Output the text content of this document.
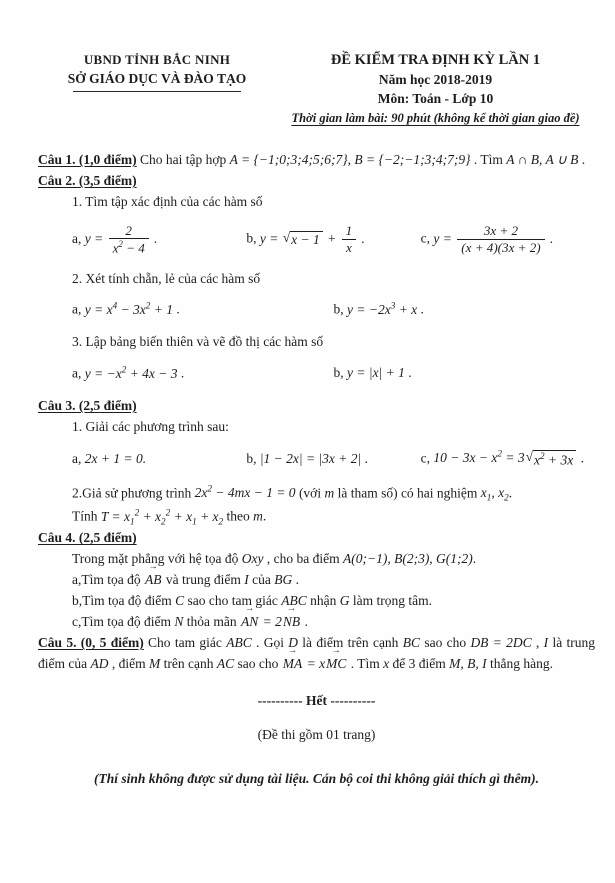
UBND TỈNH BẮC NINH
SỞ GIÁO DỤC VÀ ĐÀO TẠO
ĐỀ KIỂM TRA ĐỊNH KỲ LẦN 1
Năm học 2018-2019
Môn: Toán - Lớp 10
Thời gian làm bài: 90 phút (không kể thời gian giao đề)

Câu 1. (1,0 điểm) Cho hai tập hợp A = {−1;0;3;4;5;6;7}, B = {−2;−1;3;4;7;9} . Tìm A ∩ B, A ∪ B .

Câu 2. (3,5 điểm)

1. Tìm tập xác định của các hàm số

a, $y = \frac{2}{x^2 - 4}$ .	b, y = √ $x - 1 + \frac{1}{x}$ .	c, $y = \frac{3x + 2}{(x + 4)(3x + 2)}$ .

2. Xét tính chẵn, lẻ của các hàm số

a, $y = x^4 - 3x^2 + 1$ .	b, $y = -2x^3 + x$ .

3. Lập bảng biến thiên và vẽ đồ thị các hàm số

a, $y = -x^2 + 4x - 3$ .	b, y = |x| + 1 .

Câu 3. (2,5 điểm)

1. Giải các phương trình sau:

a, 2x + 1 = 0.	b, |1 − 2x| = |3x + 2| .	c, $10 - 3x - x^2 = 3$ √ $x^2 + 3x$ .

2.Giả sử phương trình $2x^2 - 4mx - 1 = 0$ (với m là tham số) có hai nghiệm $x_1$, $x_2$.

Tính $T = x_1^2 + x_2^2 + x_1 + x_2$ theo m.

Câu 4. (2,5 điểm)

Trong mặt phẳng với hệ tọa độ Oxy , cho ba điểm A(0;−1), B(2;3), G(1;2).

a,Tìm tọa độ AB → và trung điểm I của BG .

b,Tìm tọa độ điểm C sao cho tam giác ABC nhận G làm trọng tâm.

c,Tìm tọa độ điểm N thỏa mãn AN → = 2NB → .

Câu 5. (0, 5 điểm) Cho tam giác ABC . Gọi D là điểm trên cạnh BC sao cho DB = 2DC , I là trung điểm của AD , điểm M trên cạnh AC sao cho MA → = xMC → . Tìm x để 3 điểm M, B, I thẳng hàng.

---------- Hết ----------
(Đề thi gồm 01 trang)
(Thí sinh không được sử dụng tài liệu. Cán bộ coi thi không giải thích gì thêm).
